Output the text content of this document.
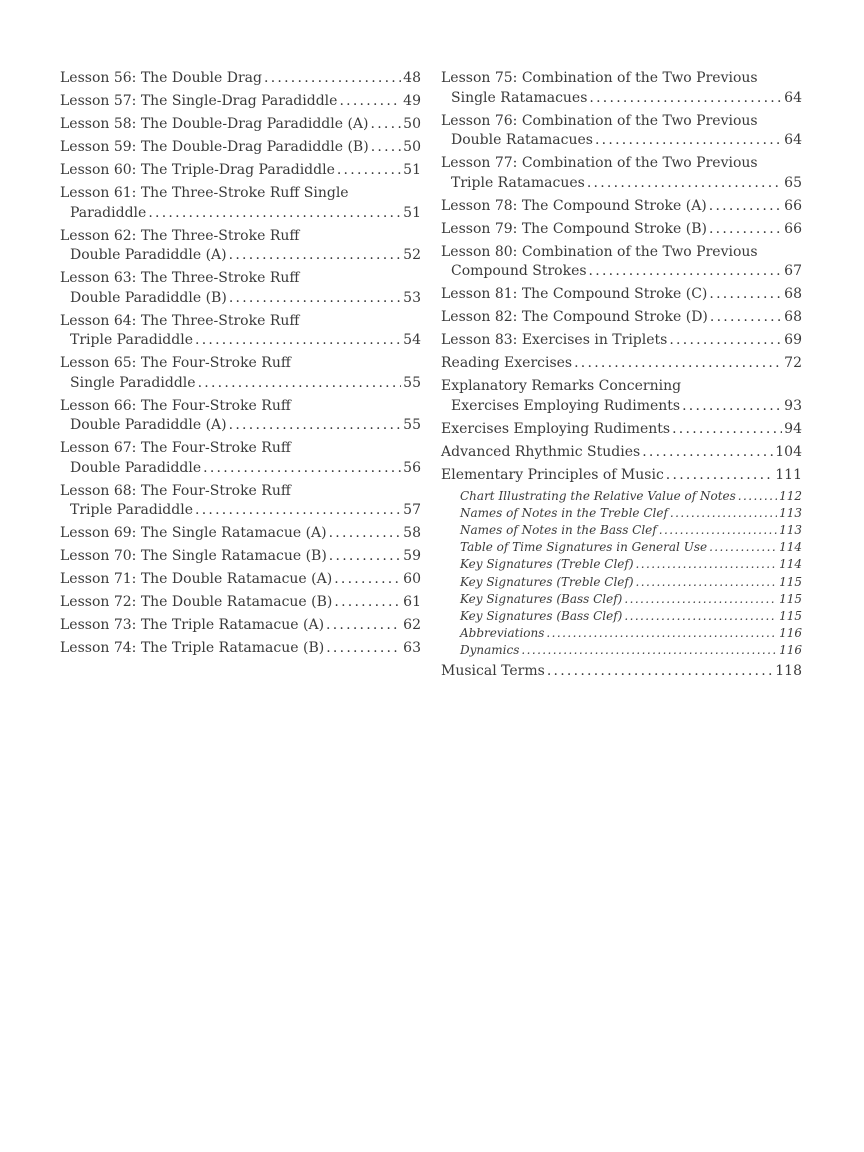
Lesson 56: The Double Drag . . .	48
Lesson 57: The Single-Drag Paradiddle . . .	49
Lesson 58: The Double-Drag Paradiddle (A) . . . 50
Lesson 59: The Double-Drag Paradiddle (B) . . . 50
Lesson 60: The Triple-Drag Paradiddle . . .	51
Lesson 61: The Three-Stroke Ruff Single
Paradiddle . . .	51
Lesson 62: The Three-Stroke Ruff
Double Paradiddle (A) . . .	52
Lesson 63: The Three-Stroke Ruff
Double Paradiddle (B) . . .	53
Lesson 64: The Three-Stroke Ruff
Triple Paradiddle . . .	54
Lesson 65: The Four-Stroke Ruff
Single Paradiddle . . .	55
Lesson 66: The Four-Stroke Ruff
Double Paradiddle (A) . . .	55
Lesson 67: The Four-Stroke Ruff
Double Paradiddle . . .	56
Lesson 68: The Four-Stroke Ruff
Triple Paradiddle . . .	57
Lesson 69: The Single Ratamacue (A) . . .	58
Lesson 70: The Single Ratamacue (B) . . .	59
Lesson 71: The Double Ratamacue (A) . . .	60
Lesson 72: The Double Ratamacue (B) . . .	61
Lesson 73: The Triple Ratamacue (A) . . .	62
Lesson 74: The Triple Ratamacue (B) . . .	63
Lesson 75: Combination of the Two Previous
Single Ratamacues . . .	64
Lesson 76: Combination of the Two Previous
Double Ratamacues . . .	64
Lesson 77: Combination of the Two Previous
Triple Ratamacues . . .	65
Lesson 78: The Compound Stroke (A) . . .	66
Lesson 79: The Compound Stroke (B) . . .	66
Lesson 80: Combination of the Two Previous
Compound Strokes . . .	67
Lesson 81: The Compound Stroke (C) . . .	68
Lesson 82: The Compound Stroke (D) . . .	68
Lesson 83: Exercises in Triplets . . .	69
Reading Exercises . . .	72
Explanatory Remarks Concerning
Exercises Employing Rudiments . . .	93
Exercises Employing Rudiments . . .	94
Advanced Rhythmic Studies . . .	104
Elementary Principles of Music . . .	111
Chart Illustrating the Relative Value of Notes . . .	112
Names of Notes in the Treble Clef . . .	113
Names of Notes in the Bass Clef . . .	113
Table of Time Signatures in General Use . . .	114
Key Signatures (Treble Clef) . . .	114
Key Signatures (Treble Clef) . . .	115
Key Signatures (Bass Clef) . . .	115
Key Signatures (Bass Clef) . . .	115
Abbreviations . . .	116
Dynamics . . .	116
Musical Terms . . .	118
